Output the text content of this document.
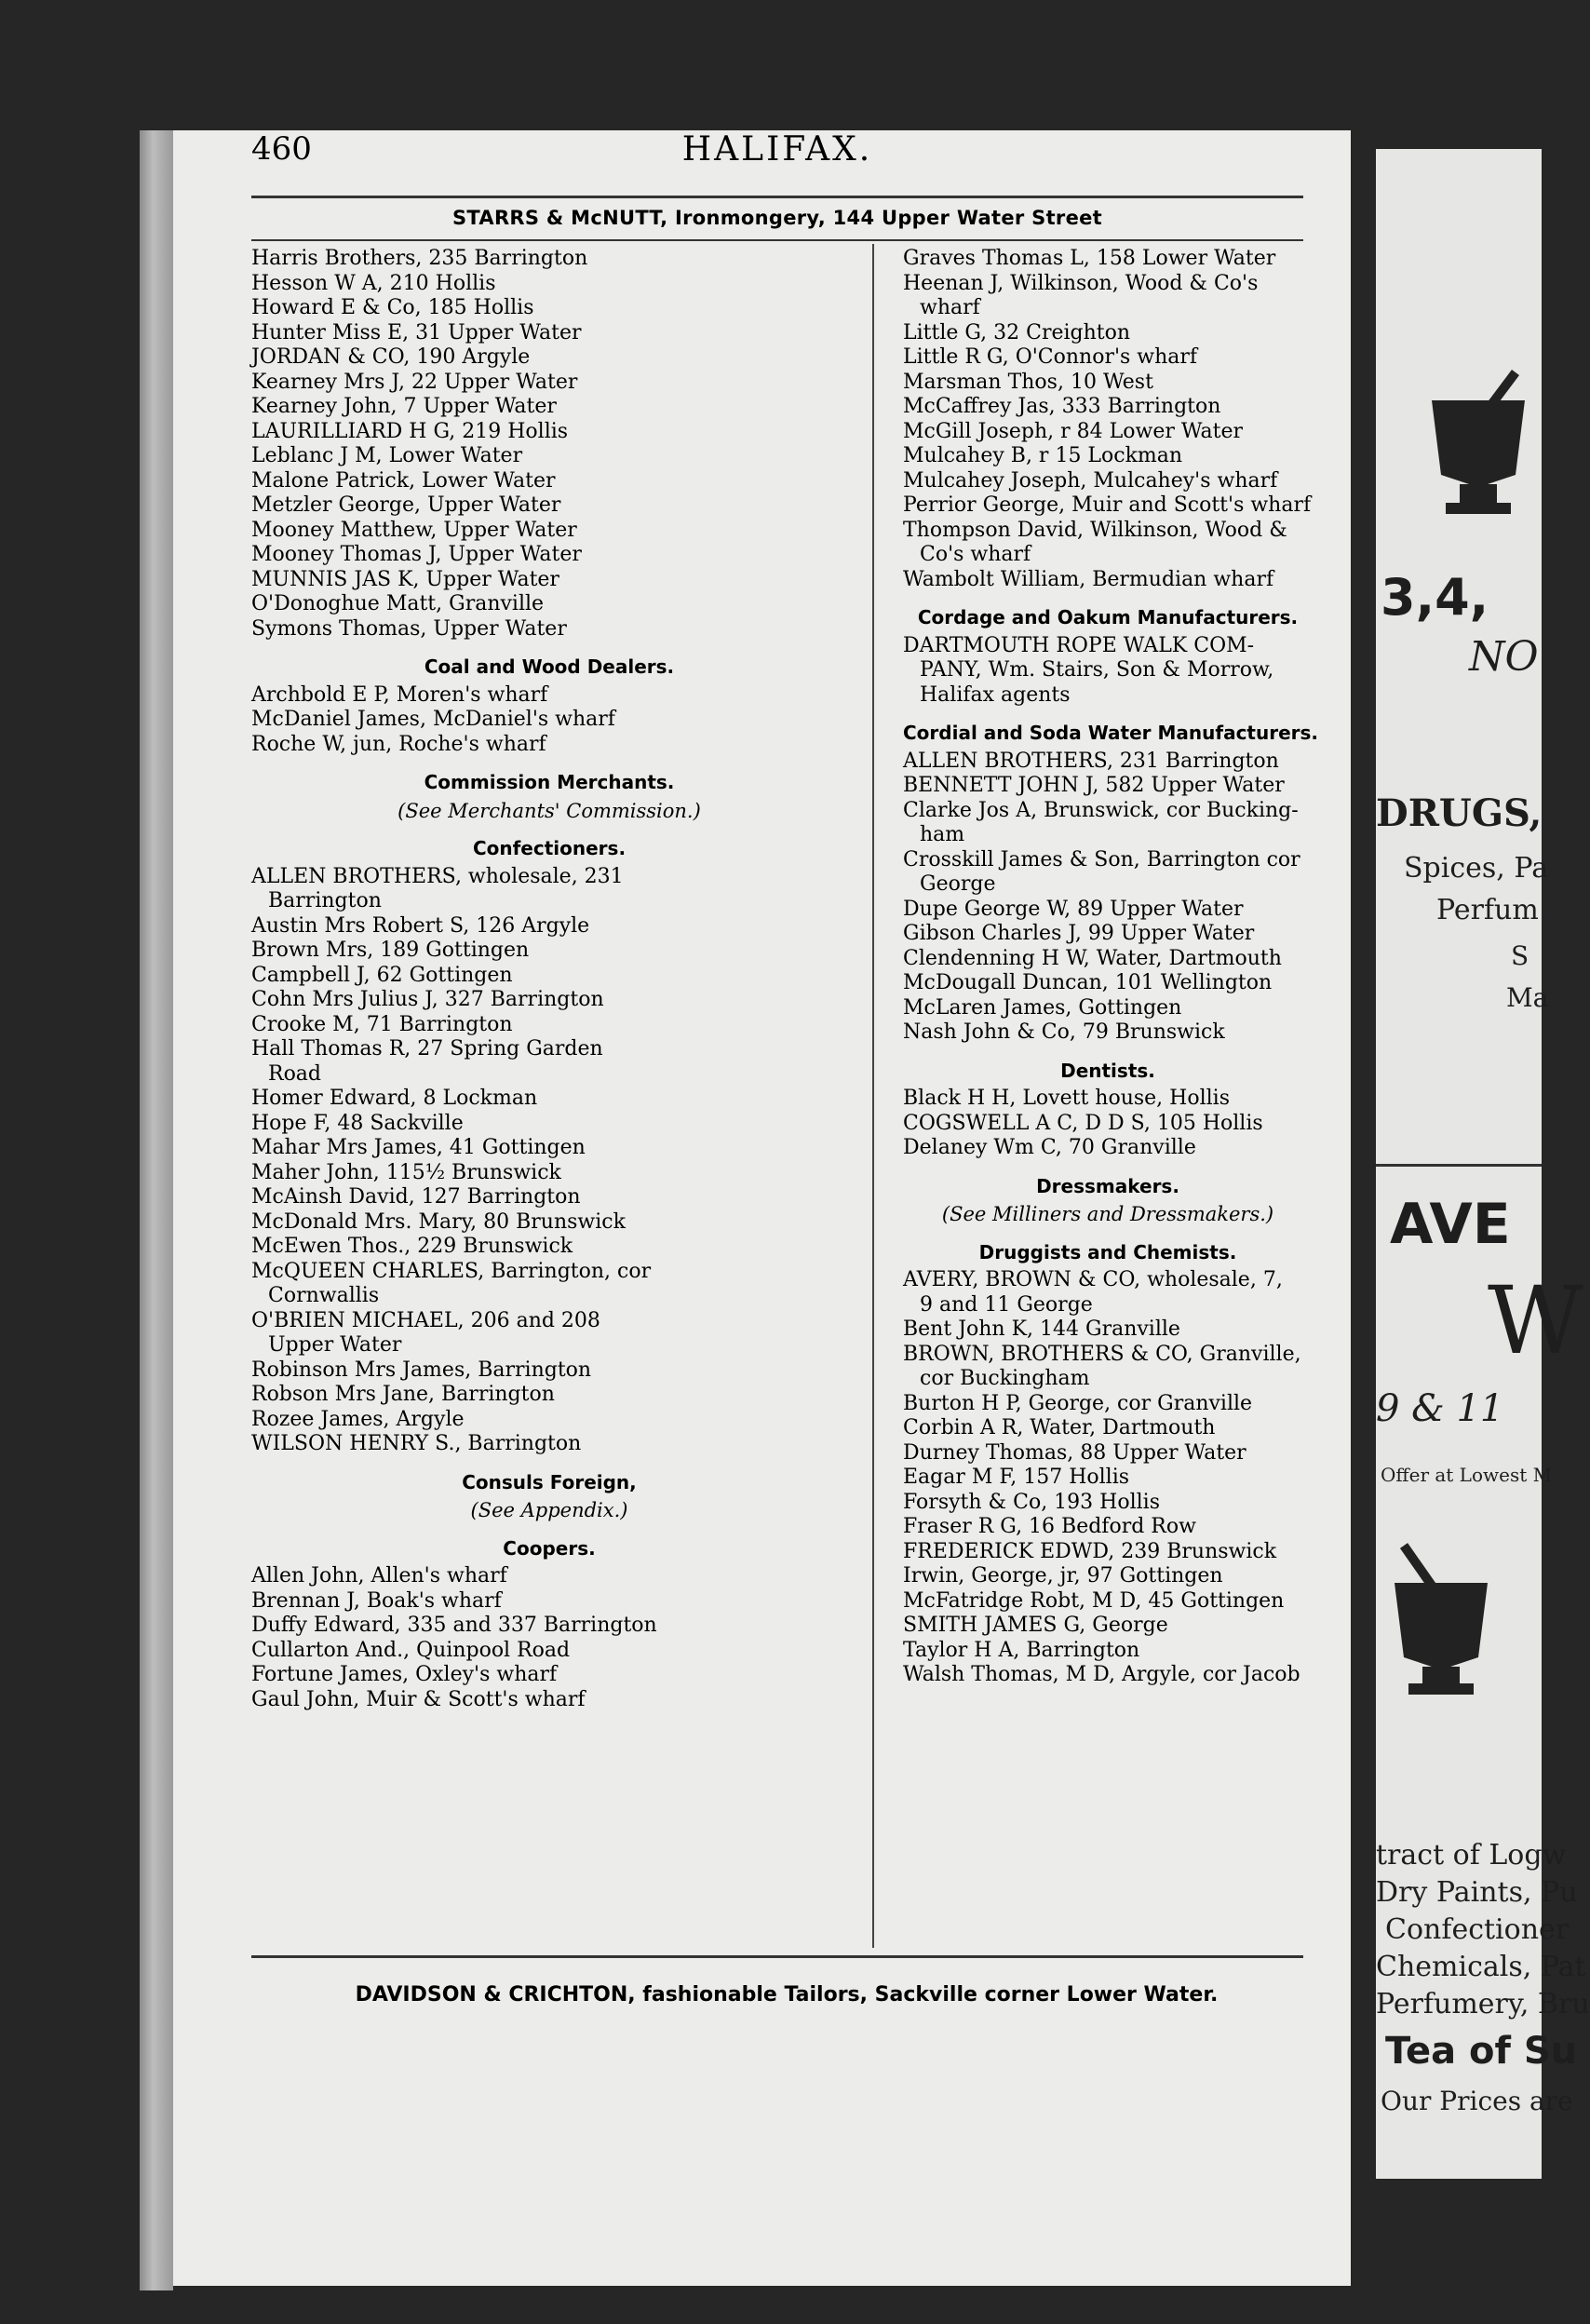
460	HALIFAX.
STARRS & McNUTT, Ironmongery, 144 Upper Water Street
Harris Brothers, 235 Barrington
Hesson W A, 210 Hollis
Howard E & Co, 185 Hollis
Hunter Miss E, 31 Upper Water
JORDAN & CO, 190 Argyle
Kearney Mrs J, 22 Upper Water
Kearney John, 7 Upper Water
LAURILLIARD H G, 219 Hollis
Leblanc J M, Lower Water
Malone Patrick, Lower Water
Metzler George, Upper Water
Mooney Matthew, Upper Water
Mooney Thomas J, Upper Water
MUNNIS JAS K, Upper Water
O'Donoghue Matt, Granville
Symons Thomas, Upper Water
Coal and Wood Dealers.
Archbold E P, Moren's wharf
McDaniel James, McDaniel's wharf
Roche W, jun, Roche's wharf
Commission Merchants.
(See Merchants' Commission.)
Confectioners.
ALLEN BROTHERS, wholesale, 231
Barrington
Austin Mrs Robert S, 126 Argyle
Brown Mrs, 189 Gottingen
Campbell J, 62 Gottingen
Cohn Mrs Julius J, 327 Barrington
Crooke M, 71 Barrington
Hall Thomas R, 27 Spring Garden
Road
Homer Edward, 8 Lockman
Hope F, 48 Sackville
Mahar Mrs James, 41 Gottingen
Maher John, 115½ Brunswick
McAinsh David, 127 Barrington
McDonald Mrs. Mary, 80 Brunswick
McEwen Thos., 229 Brunswick
McQUEEN CHARLES, Barrington, cor
Cornwallis
O'BRIEN MICHAEL, 206 and 208
Upper Water
Robinson Mrs James, Barrington
Robson Mrs Jane, Barrington
Rozee James, Argyle
WILSON HENRY S., Barrington
Consuls Foreign,
(See Appendix.)
Coopers.
Allen John, Allen's wharf
Brennan J, Boak's wharf
Duffy Edward, 335 and 337 Barrington
Cullarton And., Quinpool Road
Fortune James, Oxley's wharf
Gaul John, Muir & Scott's wharf
Graves Thomas L, 158 Lower Water
Heenan J, Wilkinson, Wood & Co's
wharf
Little G, 32 Creighton
Little R G, O'Connor's wharf
Marsman Thos, 10 West
McCaffrey Jas, 333 Barrington
McGill Joseph, r 84 Lower Water
Mulcahey B, r 15 Lockman
Mulcahey Joseph, Mulcahey's wharf
Perrior George, Muir and Scott's wharf
Thompson David, Wilkinson, Wood &
Co's wharf
Wambolt William, Bermudian wharf
Cordage and Oakum Manufacturers.
DARTMOUTH ROPE WALK COM-
PANY, Wm. Stairs, Son & Morrow,
Halifax agents
Cordial and Soda Water Manufacturers.
ALLEN BROTHERS, 231 Barrington
BENNETT JOHN J, 582 Upper Water
Clarke Jos A, Brunswick, cor Bucking-
ham
Crosskill James & Son, Barrington cor
George
Dupe George W, 89 Upper Water
Gibson Charles J, 99 Upper Water
Clendenning H W, Water, Dartmouth
McDougall Duncan, 101 Wellington
McLaren James, Gottingen
Nash John & Co, 79 Brunswick
Dentists.
Black H H, Lovett house, Hollis
COGSWELL A C, D D S, 105 Hollis
Delaney Wm C, 70 Granville
Dressmakers.
(See Milliners and Dressmakers.)
Druggists and Chemists.
AVERY, BROWN & CO, wholesale, 7,
9 and 11 George
Bent John K, 144 Granville
BROWN, BROTHERS & CO, Granville,
cor Buckingham
Burton H P, George, cor Granville
Corbin A R, Water, Dartmouth
Durney Thomas, 88 Upper Water
Eagar M F, 157 Hollis
Forsyth & Co, 193 Hollis
Fraser R G, 16 Bedford Row
FREDERICK EDWD, 239 Brunswick
Irwin, George, jr, 97 Gottingen
McFatridge Robt, M D, 45 Gottingen
SMITH JAMES G, George
Taylor H A, Barrington
Walsh Thomas, M D, Argyle, cor Jacob
DAVIDSON & CRICHTON, fashionable Tailors, Sackville corner Lower Water.
3,4,
NO
DRUGS,
Spices, Pa
Perfum
S
Ma
AVE
W
9 & 11
Offer at Lowest M
tract of Logw
Dry Paints, Pu
Confectioner
Chemicals, Pat
Perfumery, Bru
Tea of Su
Our Prices are
